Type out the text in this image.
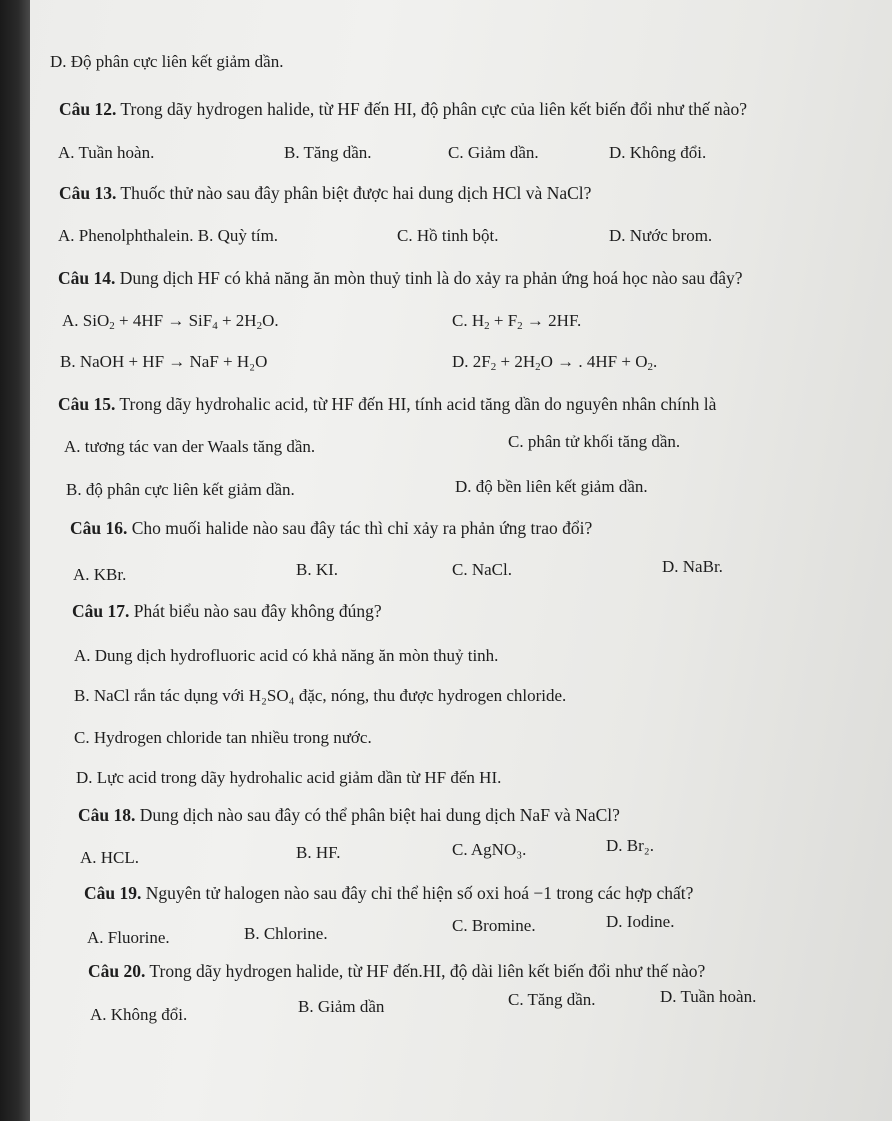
D. Độ phân cực liên kết giảm dần.
Câu 12. Trong dãy hydrogen halide, từ HF đến HI, độ phân cực của liên kết biến đổi như thế nào?
A. Tuần hoàn.	B. Tăng dần.	C. Giảm dần.	D. Không đổi.
Câu 13. Thuốc thử nào sau đây phân biệt được hai dung dịch HCl và NaCl?
A. Phenolphthalein. B. Quỳ tím.	C. Hồ tinh bột.	D. Nước brom.
Câu 14. Dung dịch HF có khả năng ăn mòn thuỷ tinh là do xảy ra phản ứng hoá học nào sau đây?
A. $SiO_2 + 4HF \to SiF_4 + 2H_2O$.	C. $H_2 + F_2 \to 2HF$.
B. NaOH + HF → NaF + H₂O	D. $2F_2 + 2H_2O$ → . $4HF + O_2$.
Câu 15. Trong dãy hydrohalic acid, từ HF đến HI, tính acid tăng dần do nguyên nhân chính là
A. tương tác van der Waals tăng dần.	C. phân tử khối tăng dần.
B. độ phân cực liên kết giảm dần.	D. độ bền liên kết giảm dần.
Câu 16. Cho muối halide nào sau đây tác thì chỉ xảy ra phản ứng trao đổi?
A. KBr.	B. KI.	C. NaCl.	D. NaBr.
Câu 17. Phát biểu nào sau đây không đúng?
A. Dung dịch hydrofluoric acid có khả năng ăn mòn thuỷ tinh.
B. NaCl rắn tác dụng với H₂SO₄ đặc, nóng, thu được hydrogen chloride.
C. Hydrogen chloride tan nhiều trong nước.
D. Lực acid trong dãy hydrohalic acid giảm dần từ HF đến HI.
Câu 18. Dung dịch nào sau đây có thể phân biệt hai dung dịch NaF và NaCl?
A. HCL.	B. HF.	C. AgNO₃.	D. Br₂.
Câu 19. Nguyên tử halogen nào sau đây chỉ thể hiện số oxi hoá −1 trong các hợp chất?
A. Fluorine.	B. Chlorine.	C. Bromine.	D. Iodine.
Câu 20. Trong dãy hydrogen halide, từ HF đến.HI, độ dài liên kết biến đổi như thế nào?
A. Không đổi.	B. Giảm dần	C. Tăng dần.	D. Tuần hoàn.
